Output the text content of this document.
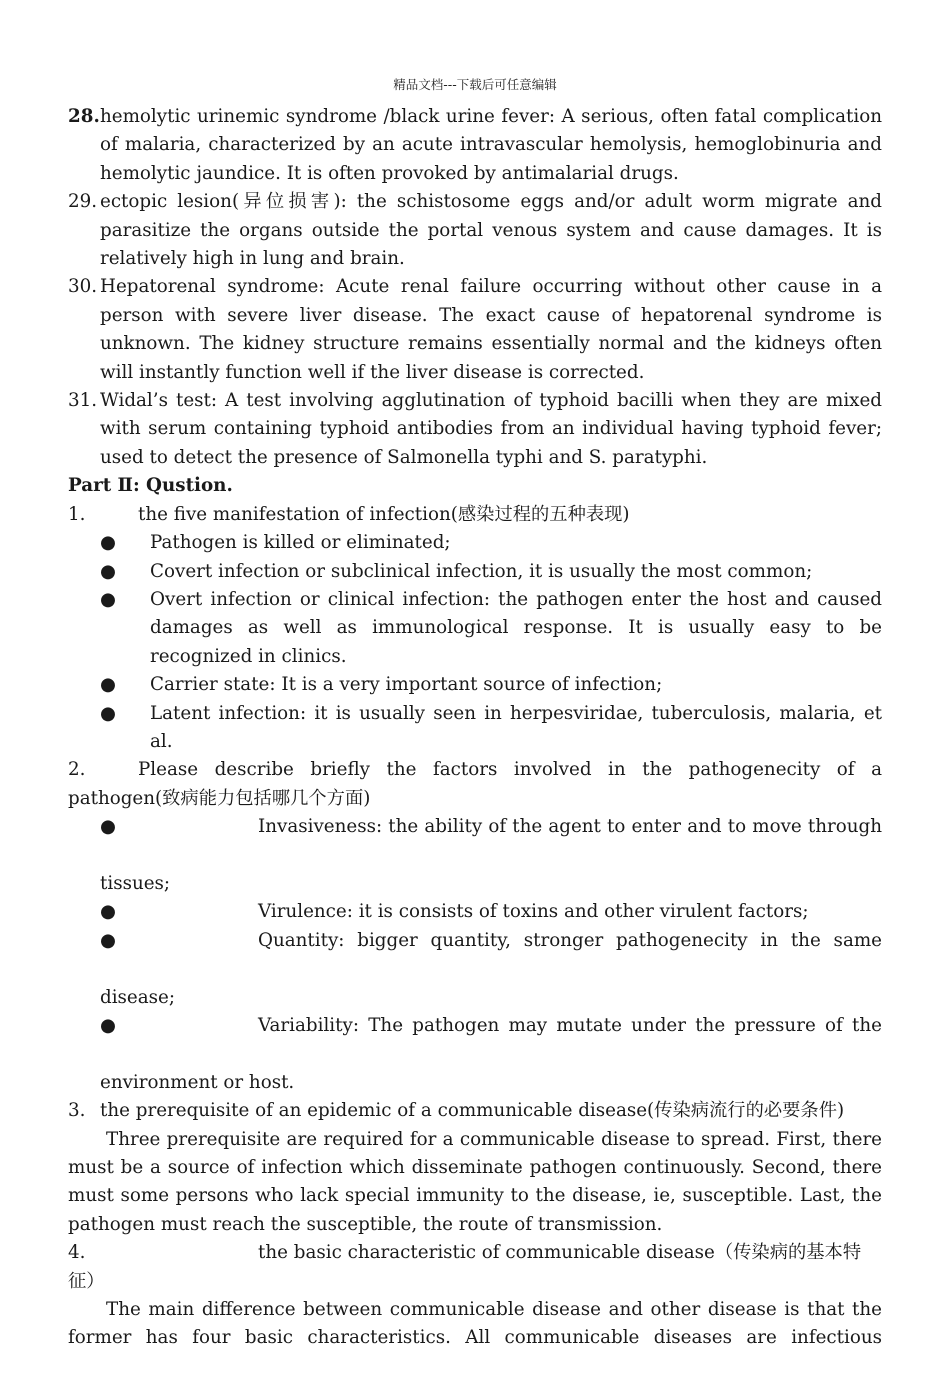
精品文档---下载后可任意编辑
28. hemolytic urinemic syndrome /black urine fever: A serious, often fatal complication of malaria, characterized by an acute intravascular hemolysis, hemoglobinuria and hemolytic jaundice. It is often provoked by antimalarial drugs.
29. ectopic lesion(异位损害): the schistosome eggs and/or adult worm migrate and parasitize the organs outside the portal venous system and cause damages. It is relatively high in lung and brain.
30. Hepatorenal syndrome: Acute renal failure occurring without other cause in a person with severe liver disease. The exact cause of hepatorenal syndrome is unknown. The kidney structure remains essentially normal and the kidneys often will instantly function well if the liver disease is corrected.
31. Widal’s test: A test involving agglutination of typhoid bacilli when they are mixed with serum containing typhoid antibodies from an individual having typhoid fever; used to detect the presence of Salmonella typhi and S. paratyphi.
Part Ⅱ: Qustion.
1.	the five manifestation of infection(感染过程的五种表现)
● Pathogen is killed or eliminated;
● Covert infection or subclinical infection, it is usually the most common;
● Overt infection or clinical infection: the pathogen enter the host and caused damages as well as immunological response. It is usually easy to be recognized in clinics.
● Carrier state: It is a very important source of infection;
● Latent infection: it is usually seen in herpesviridae, tuberculosis, malaria, et al.
2.	Please describe briefly the factors involved in the pathogenecity of a pathogen(致病能力包括哪几个方面)
●	Invasiveness: the ability of the agent to enter and to move through
tissues;
●	Virulence: it is consists of toxins and other virulent factors;
●	Quantity: bigger quantity, stronger pathogenecity in the same
disease;
●	Variability: The pathogen may mutate under the pressure of the
environment or host.
3. the prerequisite of an epidemic of a communicable disease(传染病流行的必要条件)
Three prerequisite are required for a communicable disease to spread. First, there must be a source of infection which disseminate pathogen continuously. Second, there must some persons who lack special immunity to the disease, ie, susceptible. Last, the pathogen must reach the susceptible, the route of transmission.
4.	the basic characteristic of communicable disease（传染病的基本特
征）
The main difference between communicable disease and other disease is that the former has four basic characteristics. All communicable diseases are infectious
